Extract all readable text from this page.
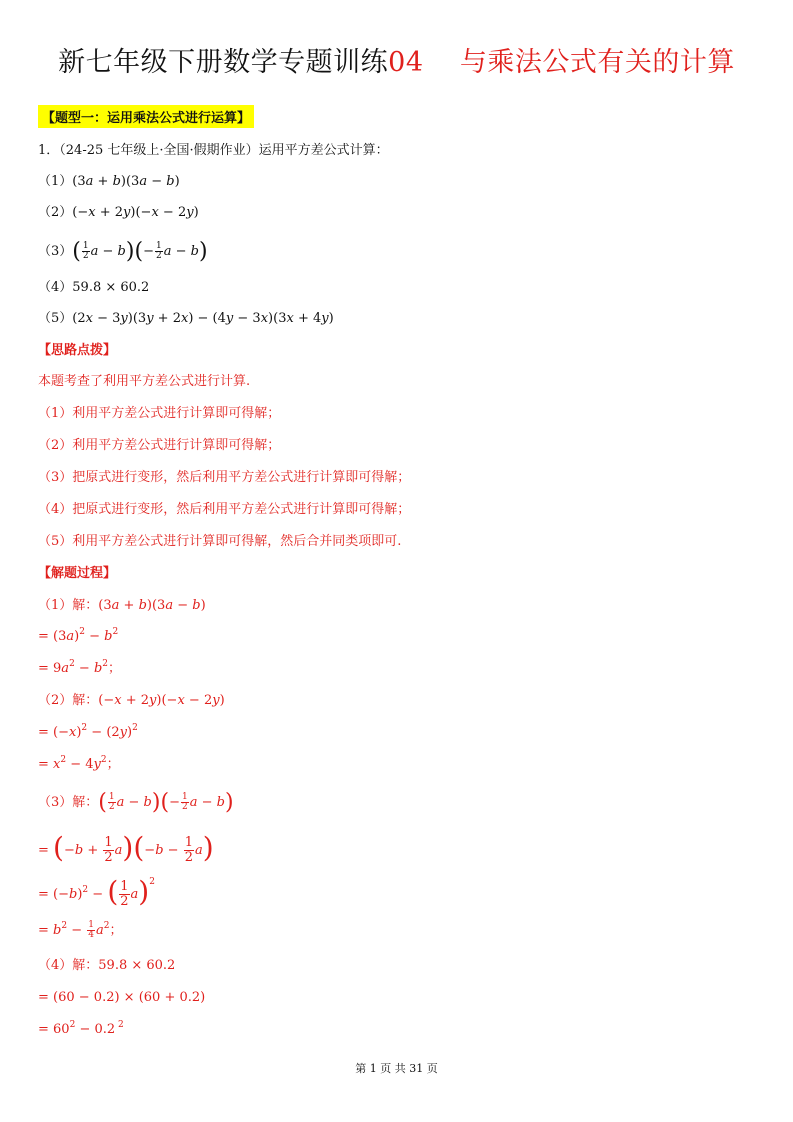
新七年级下册数学专题训练04 与乘法公式有关的计算
【题型一：运用乘法公式进行运算】
1．（24-25 七年级上·全国·假期作业）运用平方差公式计算：
（1）(3a + b)(3a − b)
（2）(−x + 2y)(−x − 2y)
$(3)( \frac{1}{2}$ $a - b)(- \frac{1}{2}$ a − b)
（4）59.8 × 60.2
（5）(2x − 3y)(3y + 2x) − (4y − 3x)(3x + 4y)
【思路点拨】
本题考查了利用平方差公式进行计算.
（1）利用平方差公式进行计算即可得解；
（2）利用平方差公式进行计算即可得解；
（3）把原式进行变形，然后利用平方差公式进行计算即可得解；
（4）把原式进行变形，然后利用平方差公式进行计算即可得解；
（5）利用平方差公式进行计算即可得解，然后合并同类项即可.
【解题过程】
（1）解：(3a + b)(3a − b)
= $(3a)^2 - b^2$
= $9a^2 - b^2$；
（2）解：(−x + 2y)(−x − 2y)
= $(-x)^2 - (2y)^2$
= $x^2 - 4y^2$；
（3）解：( $\frac{1}{2}$ $a - b)(- \frac{1}{2}$ a − b)
= $(-b + \frac{1}{2} a)(-b - \frac{1}{2} a)$
= $(-b)^2$ − ( $\frac{1}{2} a)^2$
= $b^2 - \frac{1}{4} a^2$；
（4）解：59.8 × 60.2
= (60 − 0.2) × (60 + 0.2)
= $60^2 - 0.2$ $^2$
第 1 页 共 31 页
